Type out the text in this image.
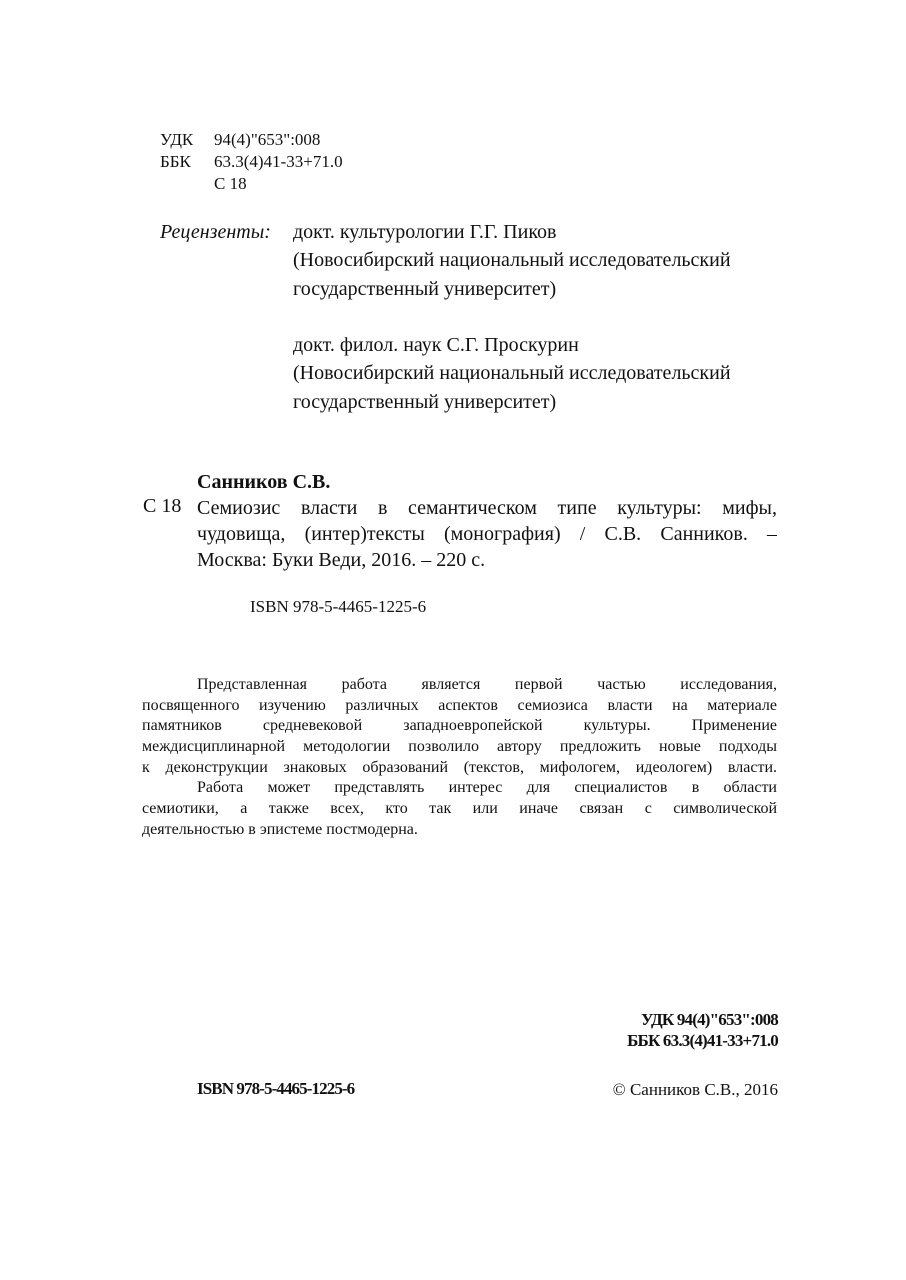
УДК 94(4)"653":008
ББК 63.3(4)41-33+71.0
С 18
Рецензенты: докт. культурологии Г.Г. Пиков
(Новосибирский национальный исследовательский
государственный университет)
докт. филол. наук С.Г. Проскурин
(Новосибирский национальный исследовательский
государственный университет)
Санников С.В.
С 18 Семиозис власти в семантическом типе культуры: мифы,
чудовища, (интер)тексты (монография) / С.В. Санников. –
Москва: Буки Веди, 2016. – 220 с.
ISBN 978-5-4465-1225-6
Представленная работа является первой частью исследования,
посвященного изучению различных аспектов семиозиса власти на материале
памятников средневековой западноевропейской культуры. Применение
междисциплинарной методологии позволило автору предложить новые подходы
к деконструкции знаковых образований (текстов, мифологем, идеологем) власти.
Работа может представлять интерес для специалистов в области
семиотики, а также всех, кто так или иначе связан с символической
деятельностью в эпистеме постмодерна.
УДК 94(4)"653":008
ББК 63.3(4)41-33+71.0
ISBN 978-5-4465-1225-6	© Санников С.В., 2016
